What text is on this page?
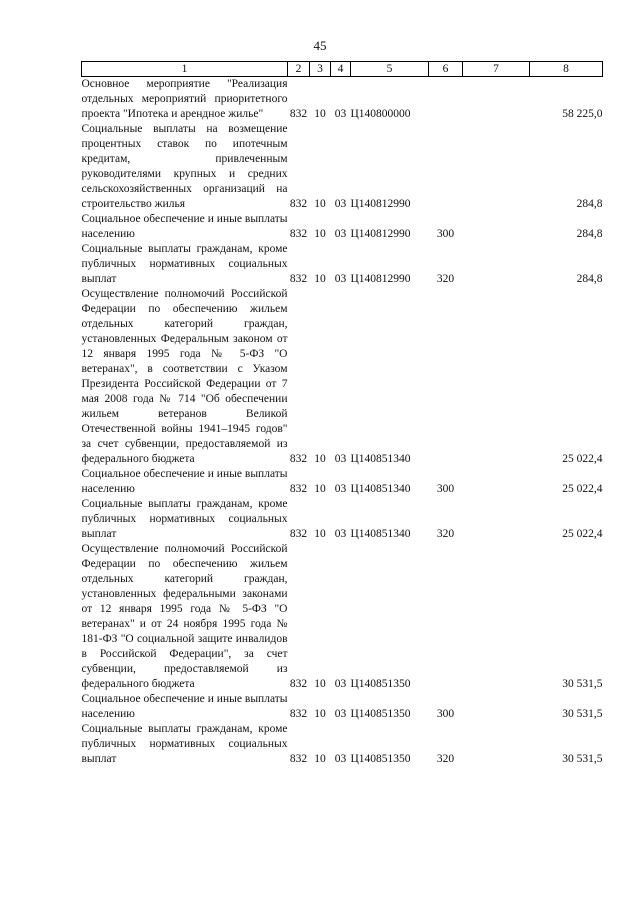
45
1	2	3	4	5	6	7	8
Основное мероприятие "Реализация отдельных мероприятий приоритетного проекта "Ипотека и арендное жилье"	832	10	03	Ц140800000			58 225,0
Социальные выплаты на возмещение процентных ставок по ипотечным кредитам, привлеченным руководителями крупных и средних сельскохозяйственных организаций на строительство жилья	832	10	03	Ц140812990			284,8
Социальное обеспечение и иные выплаты населению	832	10	03	Ц140812990	300		284,8
Социальные выплаты гражданам, кроме публичных нормативных социальных выплат	832	10	03	Ц140812990	320		284,8
Осуществление полномочий Российской Федерации по обеспечению жильем отдельных категорий граждан, установленных Федеральным законом от 12 января 1995 года № 5-ФЗ "О ветеранах", в соответствии с Указом Президента Российской Федерации от 7 мая 2008 года № 714 "Об обеспечении жильем ветеранов Великой Отечественной войны 1941–1945 годов" за счет субвенции, предоставляемой из федерального бюджета	832	10	03	Ц140851340			25 022,4
Социальное обеспечение и иные выплаты населению	832	10	03	Ц140851340	300		25 022,4
Социальные выплаты гражданам, кроме публичных нормативных социальных выплат	832	10	03	Ц140851340	320		25 022,4
Осуществление полномочий Российской Федерации по обеспечению жильем отдельных категорий граждан, установленных федеральными законами от 12 января 1995 года № 5-ФЗ "О ветеранах" и от 24 ноября 1995 года № 181-ФЗ "О социальной защите инвалидов в Российской Федерации", за счет субвенции, предоставляемой из федерального бюджета	832	10	03	Ц140851350			30 531,5
Социальное обеспечение и иные выплаты населению	832	10	03	Ц140851350	300		30 531,5
Социальные выплаты гражданам, кроме публичных нормативных социальных выплат	832	10	03	Ц140851350	320		30 531,5
